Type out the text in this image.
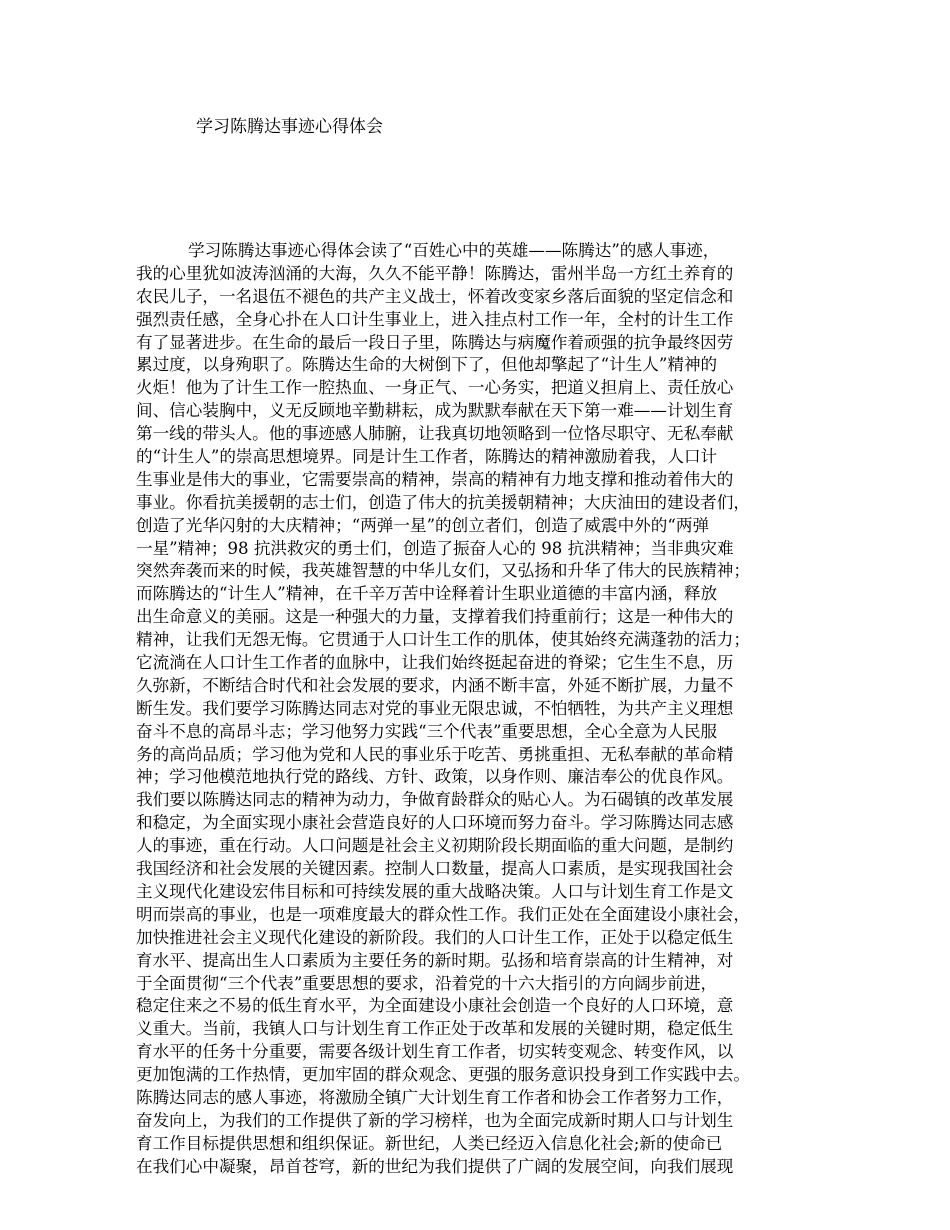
学习陈腾达事迹心得体会
学习陈腾达事迹心得体会读了“百姓心中的英雄——陈腾达”的感人事迹，
我的心里犹如波涛汹涌的大海，久久不能平静！陈腾达，雷州半岛一方红土养育的
农民儿子，一名退伍不褪色的共产主义战士，怀着改变家乡落后面貌的坚定信念和
强烈责任感，全身心扑在人口计生事业上，进入挂点村工作一年，全村的计生工作
有了显著进步。在生命的最后一段日子里，陈腾达与病魔作着顽强的抗争最终因劳
累过度，以身殉职了。陈腾达生命的大树倒下了，但他却擎起了“计生人”精神的
火炬！他为了计生工作一腔热血、一身正气、一心务实，把道义担肩上、责任放心
间、信心装胸中，义无反顾地辛勤耕耘，成为默默奉献在天下第一难——计划生育
第一线的带头人。他的事迹感人肺腑，让我真切地领略到一位恪尽职守、无私奉献
的“计生人”的崇高思想境界。同是计生工作者，陈腾达的精神激励着我，人口计
生事业是伟大的事业，它需要崇高的精神，崇高的精神有力地支撑和推动着伟大的
事业。你看抗美援朝的志士们，创造了伟大的抗美援朝精神；大庆油田的建设者们，
创造了光华闪射的大庆精神；“两弹一星”的创立者们，创造了威震中外的“两弹
一星”精神；98 抗洪救灾的勇士们，创造了振奋人心的 98 抗洪精神；当非典灾难
突然奔袭而来的时候，我英雄智慧的中华儿女们，又弘扬和升华了伟大的民族精神；
而陈腾达的“计生人”精神，在千辛万苦中诠释着计生职业道德的丰富内涵，释放
出生命意义的美丽。这是一种强大的力量，支撑着我们持重前行；这是一种伟大的
精神，让我们无怨无悔。它贯通于人口计生工作的肌体，使其始终充满蓬勃的活力；
它流淌在人口计生工作者的血脉中，让我们始终挺起奋进的脊梁；它生生不息，历
久弥新，不断结合时代和社会发展的要求，内涵不断丰富，外延不断扩展，力量不
断生发。我们要学习陈腾达同志对党的事业无限忠诚，不怕牺牲，为共产主义理想
奋斗不息的高昂斗志；学习他努力实践“三个代表”重要思想，全心全意为人民服
务的高尚品质；学习他为党和人民的事业乐于吃苦、勇挑重担、无私奉献的革命精
神；学习他模范地执行党的路线、方针、政策，以身作则、廉洁奉公的优良作风。
我们要以陈腾达同志的精神为动力，争做育龄群众的贴心人。为石碣镇的改革发展
和稳定，为全面实现小康社会营造良好的人口环境而努力奋斗。学习陈腾达同志感
人的事迹，重在行动。人口问题是社会主义初期阶段长期面临的重大问题，是制约
我国经济和社会发展的关键因素。控制人口数量，提高人口素质，是实现我国社会
主义现代化建设宏伟目标和可持续发展的重大战略决策。人口与计划生育工作是文
明而崇高的事业，也是一项难度最大的群众性工作。我们正处在全面建设小康社会，
加快推进社会主义现代化建设的新阶段。我们的人口计生工作，正处于以稳定低生
育水平、提高出生人口素质为主要任务的新时期。弘扬和培育崇高的计生精神，对
于全面贯彻“三个代表”重要思想的要求，沿着党的十六大指引的方向阔步前进，
稳定住来之不易的低生育水平，为全面建设小康社会创造一个良好的人口环境，意
义重大。当前，我镇人口与计划生育工作正处于改革和发展的关键时期，稳定低生
育水平的任务十分重要，需要各级计划生育工作者，切实转变观念、转变作风，以
更加饱满的工作热情，更加牢固的群众观念、更强的服务意识投身到工作实践中去。
陈腾达同志的感人事迹，将激励全镇广大计划生育工作者和协会工作者努力工作，
奋发向上，为我们的工作提供了新的学习榜样，也为全面完成新时期人口与计划生
育工作目标提供思想和组织保证。新世纪，人类已经迈入信息化社会;新的使命已
在我们心中凝聚，昂首苍穹，新的世纪为我们提供了广阔的发展空间，向我们展现
